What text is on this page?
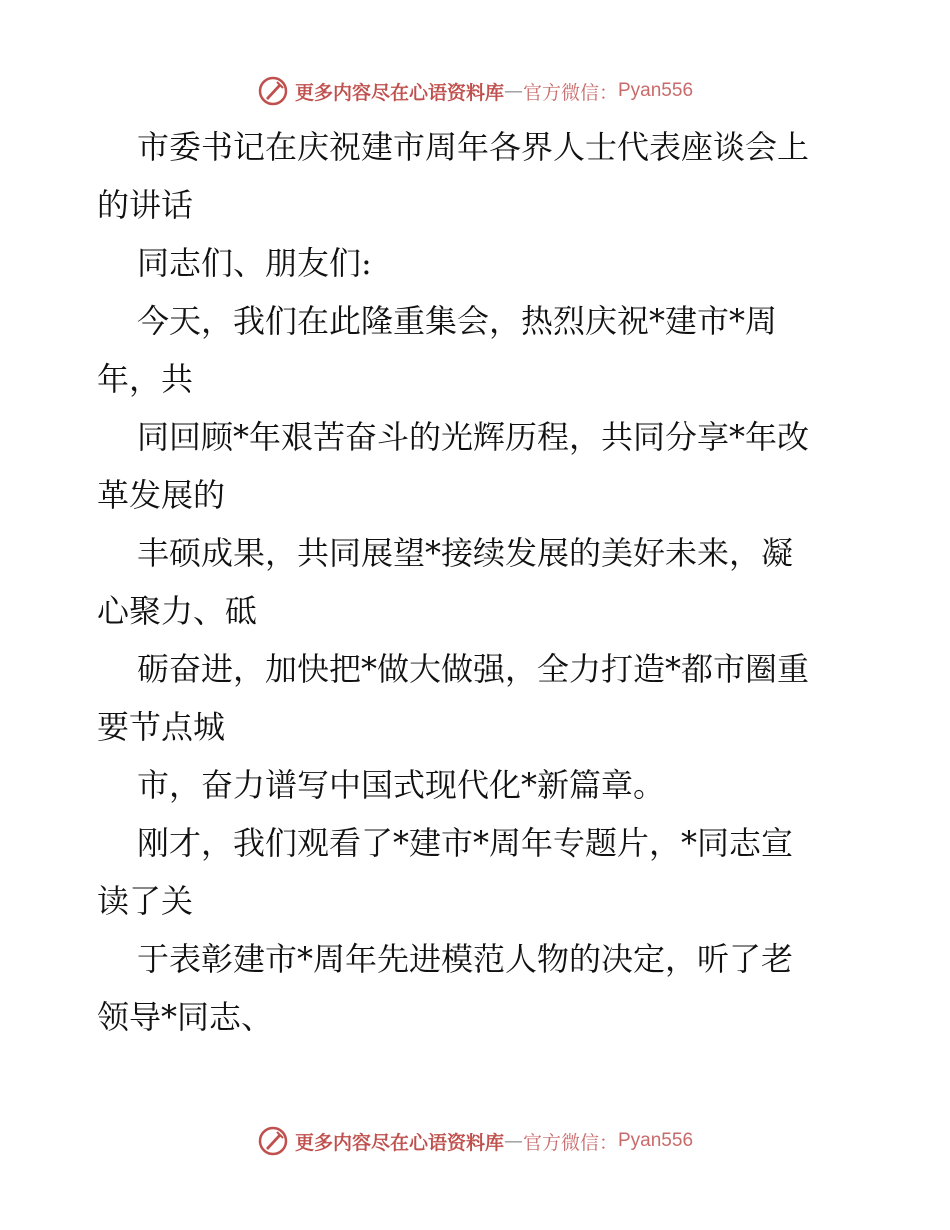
更多内容尽在心语资料库 — 官方微信： Pyan556

市委书记在庆祝建市周年各界人士代表座谈会上

的讲话

同志们、朋友们:

今天，我们在此隆重集会，热烈庆祝*建市*周

年，共

同回顾*年艰苦奋斗的光辉历程，共同分享*年改

革发展的

丰硕成果，共同展望*接续发展的美好未来，凝

心聚力、砥

砺奋进，加快把*做大做强，全力打造*都市圈重

要节点城

市，奋力谱写中国式现代化*新篇章。

刚才，我们观看了*建市*周年专题片，*同志宣

读了关

于表彰建市*周年先进模范人物的决定，听了老

领导*同志、

更多内容尽在心语资料库 — 官方微信： Pyan556
